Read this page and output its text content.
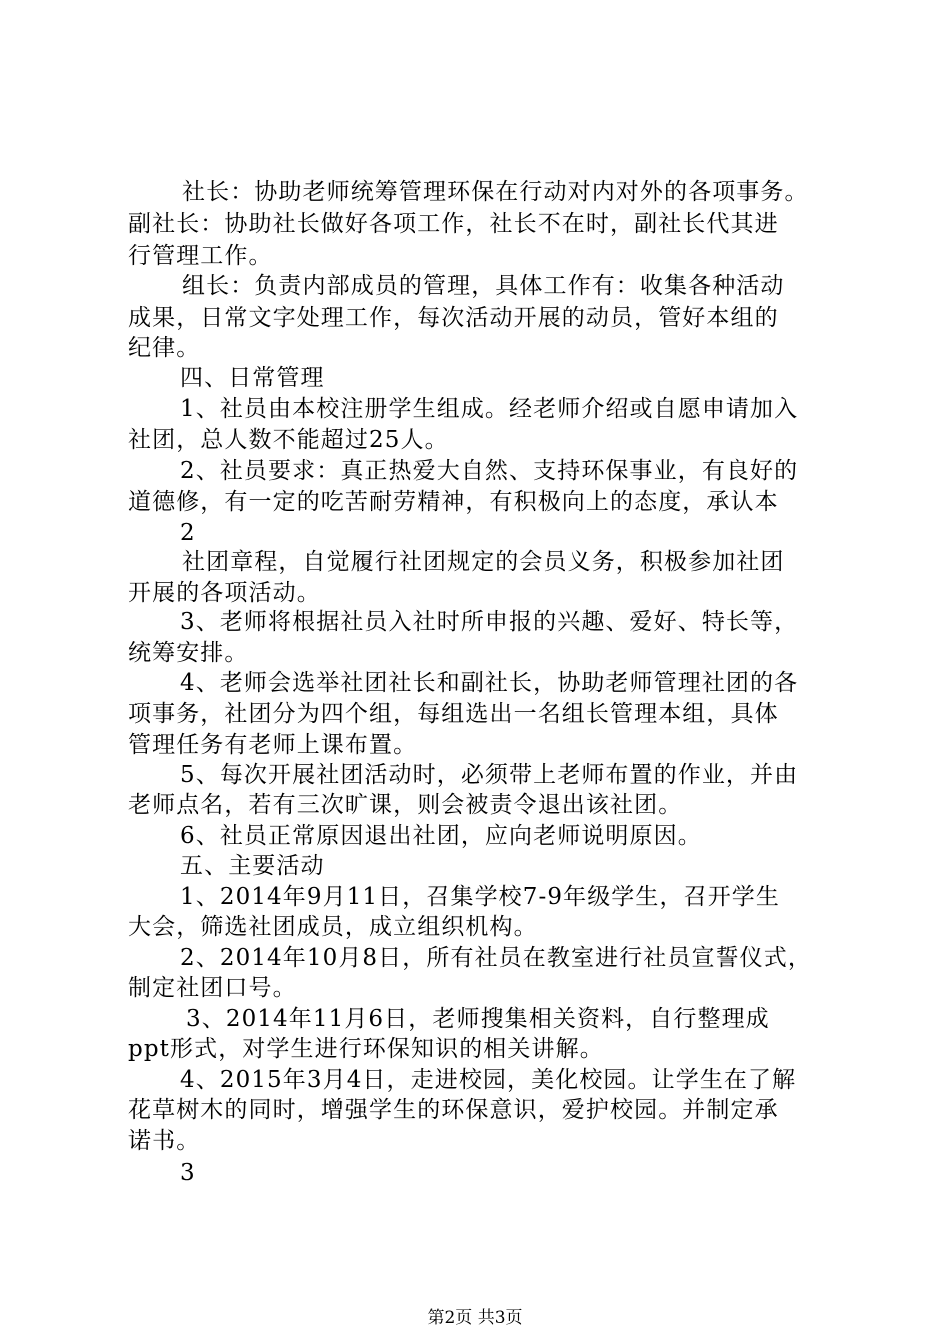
社长：协助老师统筹管理环保在行动对内对外的各项事务。
副社长：协助社长做好各项工作，社长不在时，副社长代其进
行管理工作。
组长：负责内部成员的管理，具体工作有：收集各种活动
成果，日常文字处理工作，每次活动开展的动员，管好本组的
纪律。
四、日常管理
1、社员由本校注册学生组成。经老师介绍或自愿申请加入
社团，总人数不能超过25人。
2、社员要求：真正热爱大自然、支持环保事业，有良好的
道德修，有一定的吃苦耐劳精神，有积极向上的态度，承认本
2
社团章程，自觉履行社团规定的会员义务，积极参加社团
开展的各项活动。
3、老师将根据社员入社时所申报的兴趣、爱好、特长等，
统筹安排。
4、老师会选举社团社长和副社长，协助老师管理社团的各
项事务，社团分为四个组，每组选出一名组长管理本组，具体
管理任务有老师上课布置。
5、每次开展社团活动时，必须带上老师布置的作业，并由
老师点名，若有三次旷课，则会被责令退出该社团。
6、社员正常原因退出社团，应向老师说明原因。
五、主要活动
1、2014年9月11日，召集学校7-9年级学生，召开学生
大会，筛选社团成员，成立组织机构。
2、2014年10月8日，所有社员在教室进行社员宣誓仪式，
制定社团口号。
3、2014年11月6日，老师搜集相关资料，自行整理成
ppt形式，对学生进行环保知识的相关讲解。
4、2015年3月4日，走进校园，美化校园。让学生在了解
花草树木的同时，增强学生的环保意识，爱护校园。并制定承
诺书。
3
第2页 共3页
